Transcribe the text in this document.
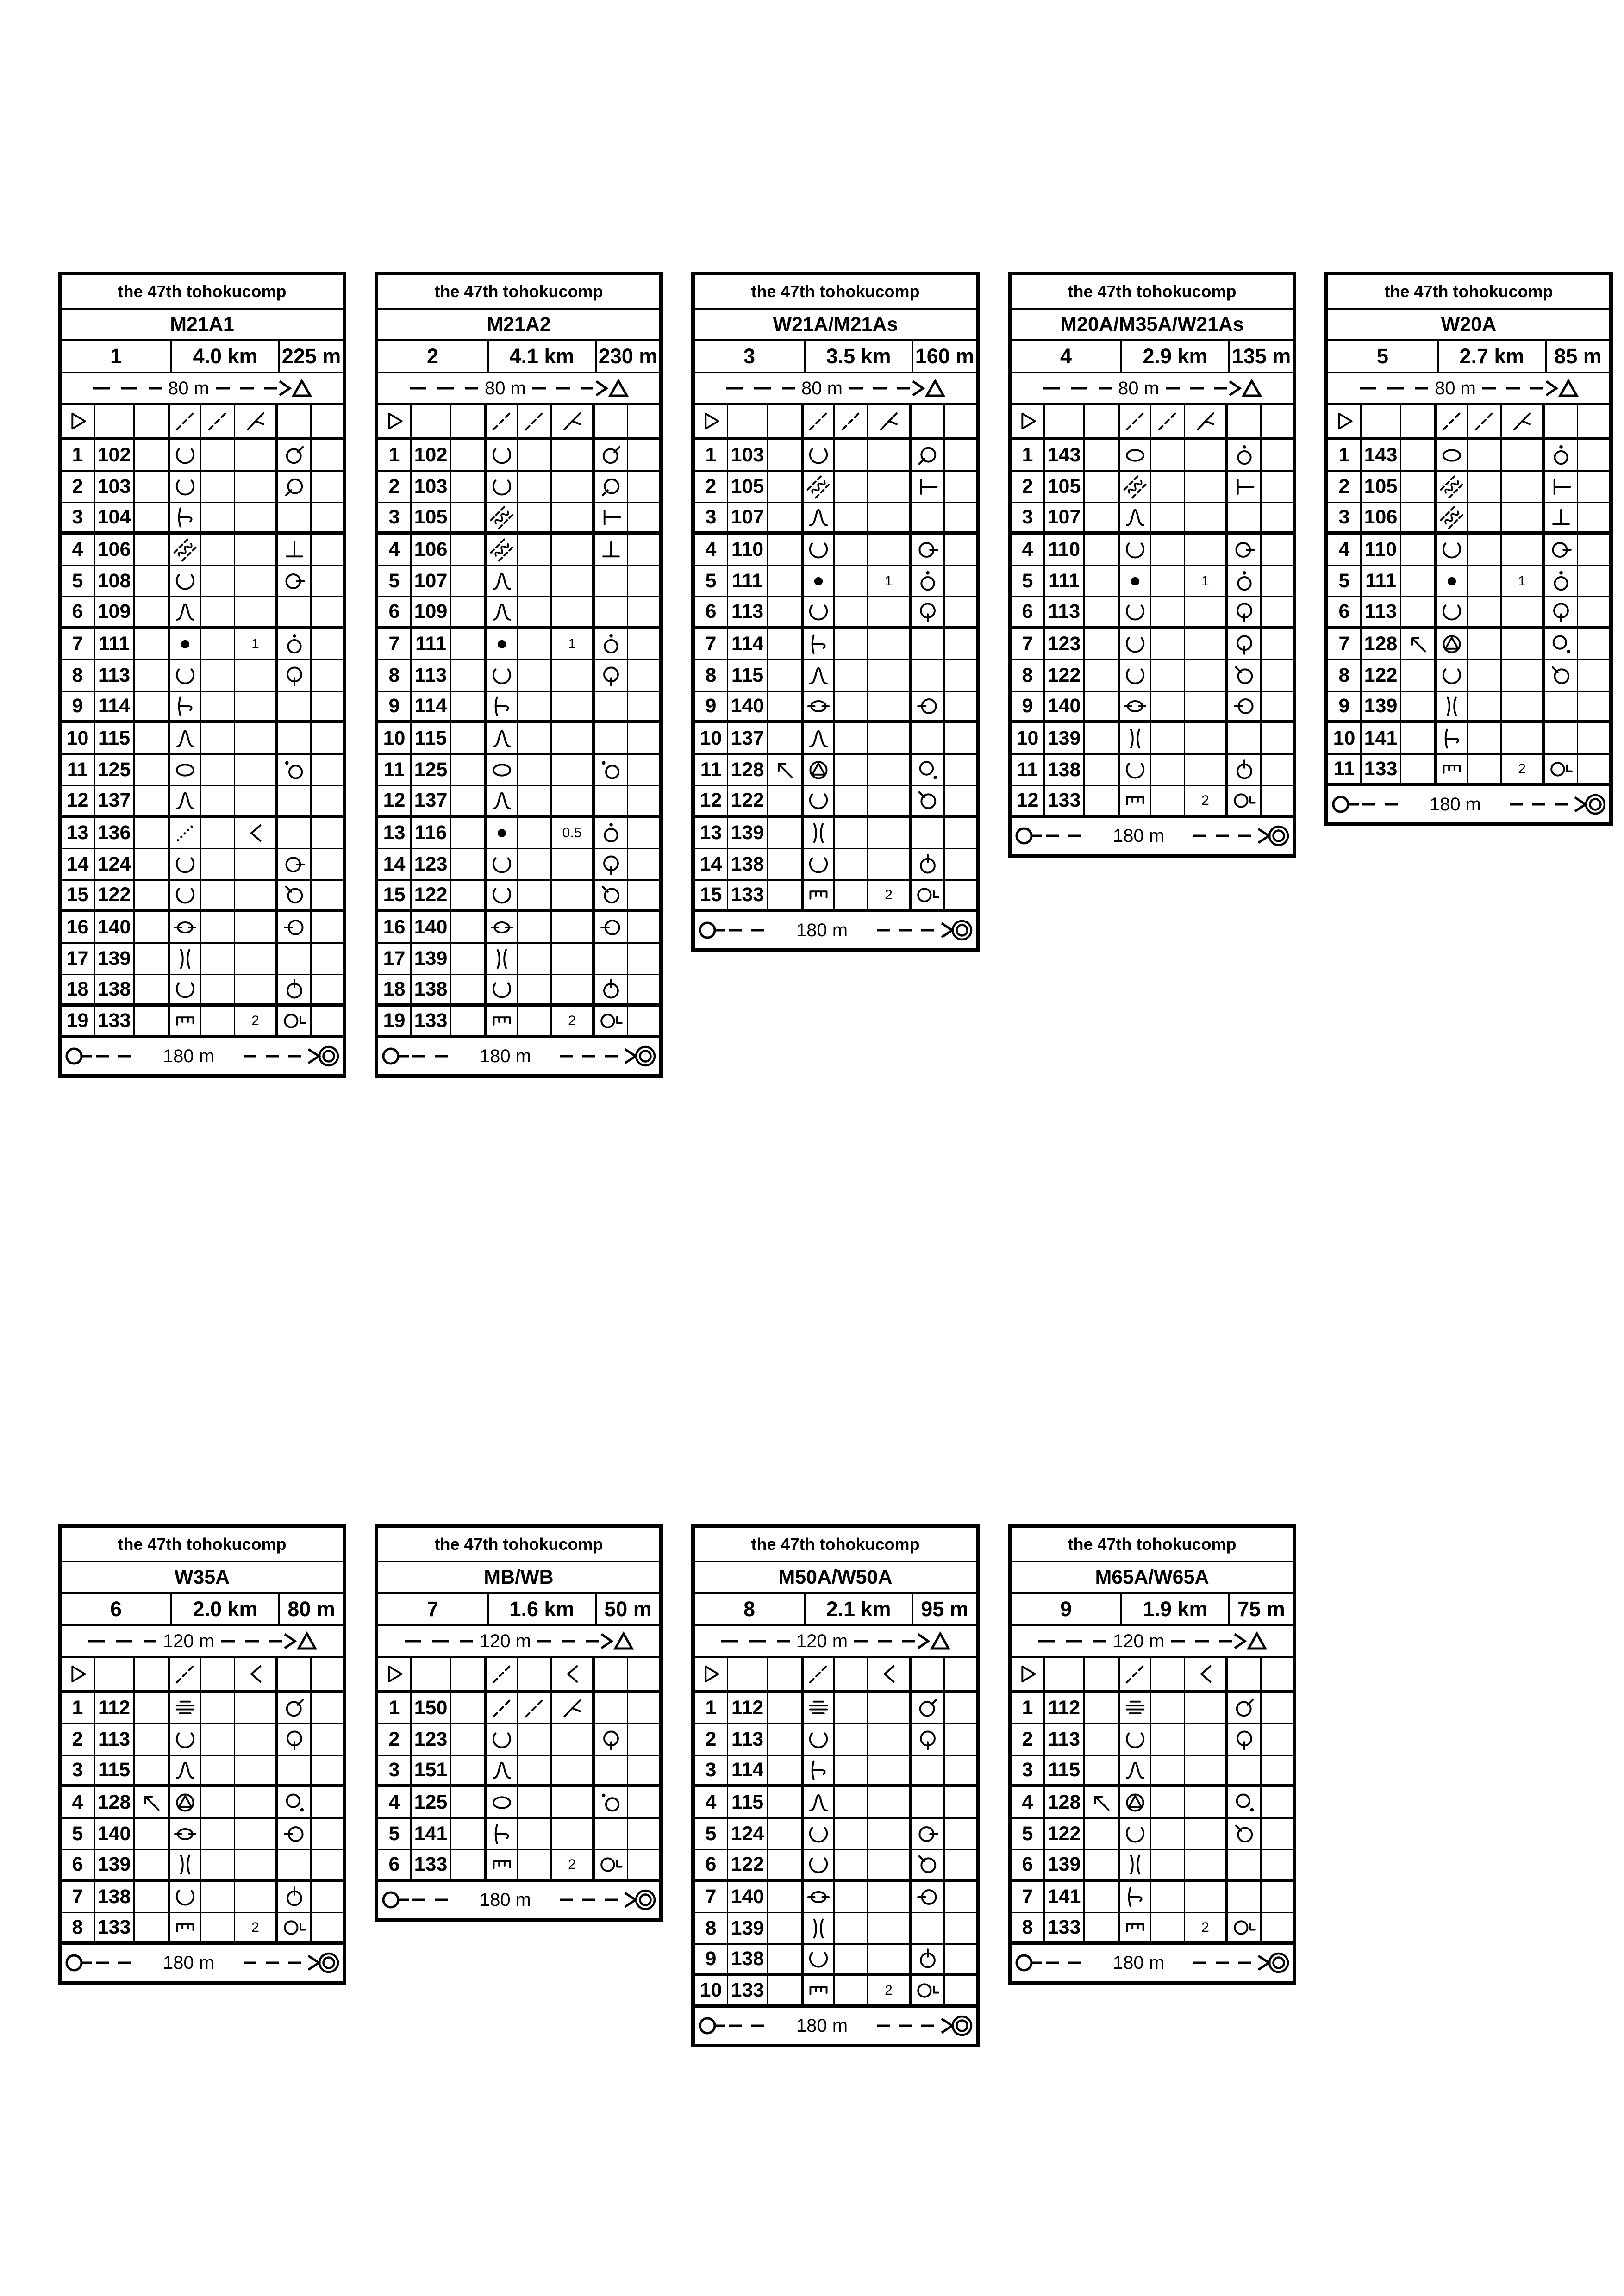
the 47th tohokucomp
M21A1
1	4.0 km	225 m
80 m
1 102
2 103
3 104
4 106
5 108
6 109
7 111	1
8 113
9 114
10 115
11 125
12 137
13 136
14 124
15 122
16 140
17 139
18 138
19 133	2
180 m
the 47th tohokucomp
M21A2
2	4.1 km	230 m
80 m
1 102
2 103
3 105
4 106
5 107
6 109
7 111	1
8 113
9 114
10 115
11 125
12 137
13 116	0.5
14 123
15 122
16 140
17 139
18 138
19 133	2
180 m
the 47th tohokucomp
W21A/M21As
3	3.5 km	160 m
80 m
1 103
2 105
3 107
4 110
5 111	1
6 113
7 114
8 115
9 140
10 137
11 128
12 122
13 139
14 138
15 133	2
180 m
the 47th tohokucomp
M20A/M35A/W21As
4	2.9 km	135 m
80 m
1 143
2 105
3 107
4 110
5 111	1
6 113
7 123
8 122
9 140
10 139
11 138
12 133	2
180 m
the 47th tohokucomp
W20A
5	2.7 km	85 m
80 m
1 143
2 105
3 106
4 110
5 111	1
6 113
7 128
8 122
9 139
10 141
11 133	2
180 m
the 47th tohokucomp
W35A
6	2.0 km	80 m
120 m
1 112
2 113
3 115
4 128
5 140
6 139
7 138
8 133	2
180 m
the 47th tohokucomp
MB/WB
7	1.6 km	50 m
120 m
1 150
2 123
3 151
4 125
5 141
6 133	2
180 m
the 47th tohokucomp
M50A/W50A
8	2.1 km	95 m
120 m
1 112
2 113
3 114
4 115
5 124
6 122
7 140
8 139
9 138
10 133	2
180 m
the 47th tohokucomp
M65A/W65A
9	1.9 km	75 m
120 m
1 112
2 113
3 115
4 128
5 122
6 139
7 141
8 133	2
180 m
